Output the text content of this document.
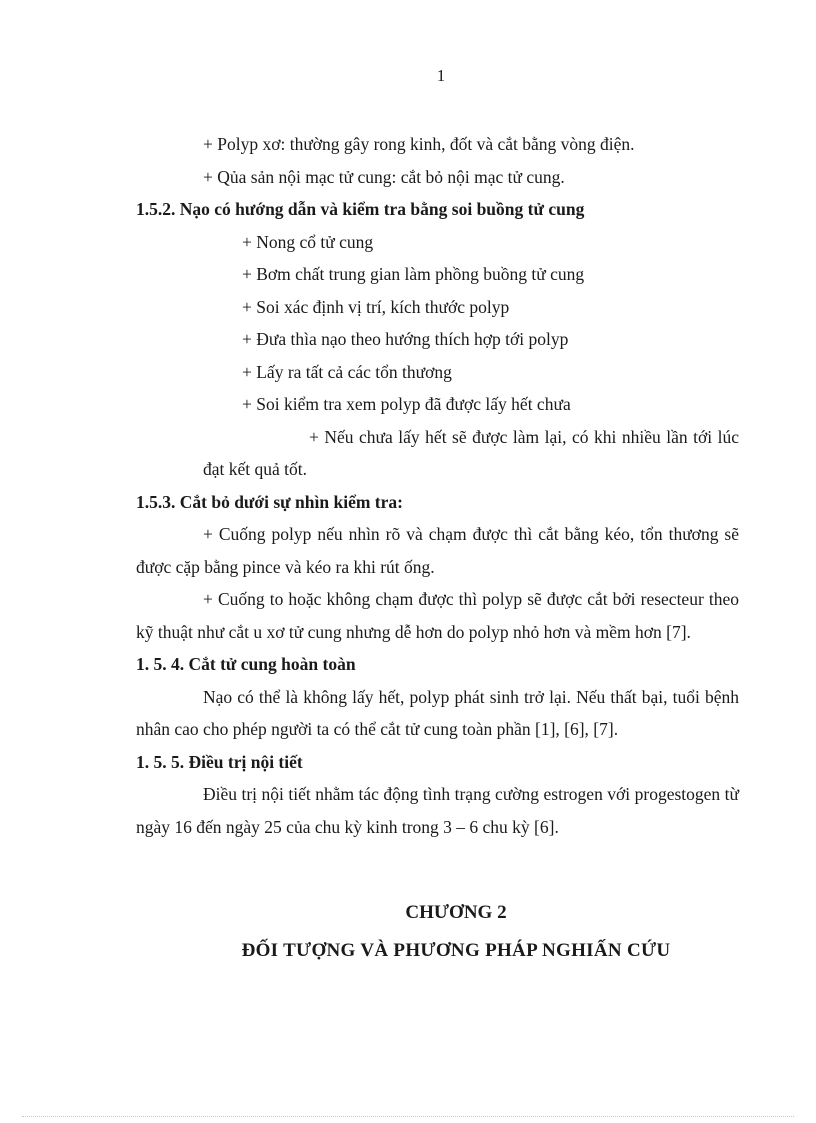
1

+ Polyp xơ: thường gây rong kinh, đốt và cắt bằng vòng điện.

+ Qủa sản nội mạc tử cung: cắt bỏ nội mạc tử cung.

1.5.2. Nạo có hướng dẫn và kiểm tra bằng soi buồng tử cung

+ Nong cổ tử cung

+ Bơm chất trung gian làm phồng buồng tử cung

+ Soi xác định vị trí, kích thước polyp

+ Đưa thìa nạo theo hướng thích hợp tới polyp

+ Lấy ra tất cả các tổn thương

+ Soi kiểm tra xem polyp đã được lấy hết chưa

+ Nếu chưa lấy hết sẽ được làm lại, có khi nhiều lần tới lúc đạt kết quả tốt.

1.5.3. Cắt bỏ dưới sự nhìn kiểm tra:

+ Cuống polyp nếu nhìn rõ và chạm được thì cắt bằng kéo, tổn thương sẽ được cặp bằng pince và kéo ra khi rút ống.

+ Cuống to hoặc không chạm được thì polyp sẽ được cắt bởi resecteur theo kỹ thuật như cắt u xơ tử cung nhưng dễ hơn do polyp nhỏ hơn và mềm hơn [7].

1. 5. 4. Cắt tử cung hoàn toàn

Nạo có thể là không lấy hết, polyp phát sinh trở lại. Nếu thất bại, tuổi bệnh nhân cao cho phép người ta có thể cắt tử cung toàn phần [1], [6], [7].

1. 5. 5. Điều trị nội tiết

Điều trị nội tiết nhằm tác động tình trạng cường estrogen với progestogen từ ngày 16 đến ngày 25 của chu kỳ kinh trong 3 – 6 chu kỳ [6].

CHƯƠNG 2
ĐỐI TƯỢNG VÀ PHƯƠNG PHÁP NGHIẤN CỨU
